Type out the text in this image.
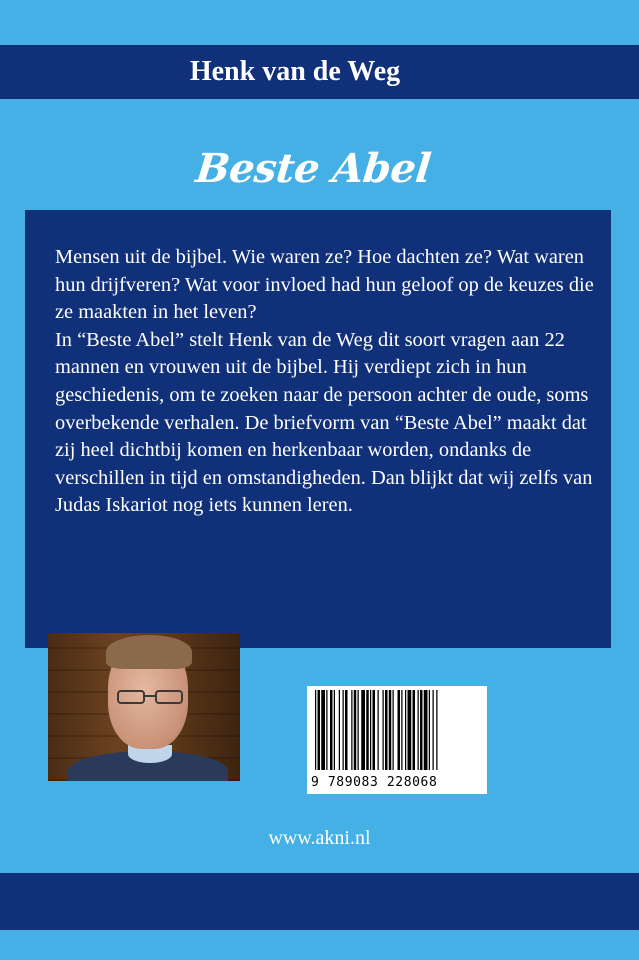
Henk van de Weg
Beste Abel

Mensen uit de bijbel. Wie waren ze? Hoe dachten ze? Wat waren hun drijfveren? Wat voor invloed had hun geloof op de keuzes die ze maakten in het leven?

In “Beste Abel” stelt Henk van de Weg dit soort vragen aan 22 mannen en vrouwen uit de bijbel. Hij verdiept zich in hun geschiedenis, om te zoeken naar de persoon achter de oude, soms overbekende verhalen. De briefvorm van “Beste Abel” maakt dat zij heel dichtbij komen en herkenbaar worden, ondanks de verschillen in tijd en omstandigheden. Dan blijkt dat wij zelfs van Judas Iskariot nog iets kunnen leren.

9 789083 228068
www.akni.nl
